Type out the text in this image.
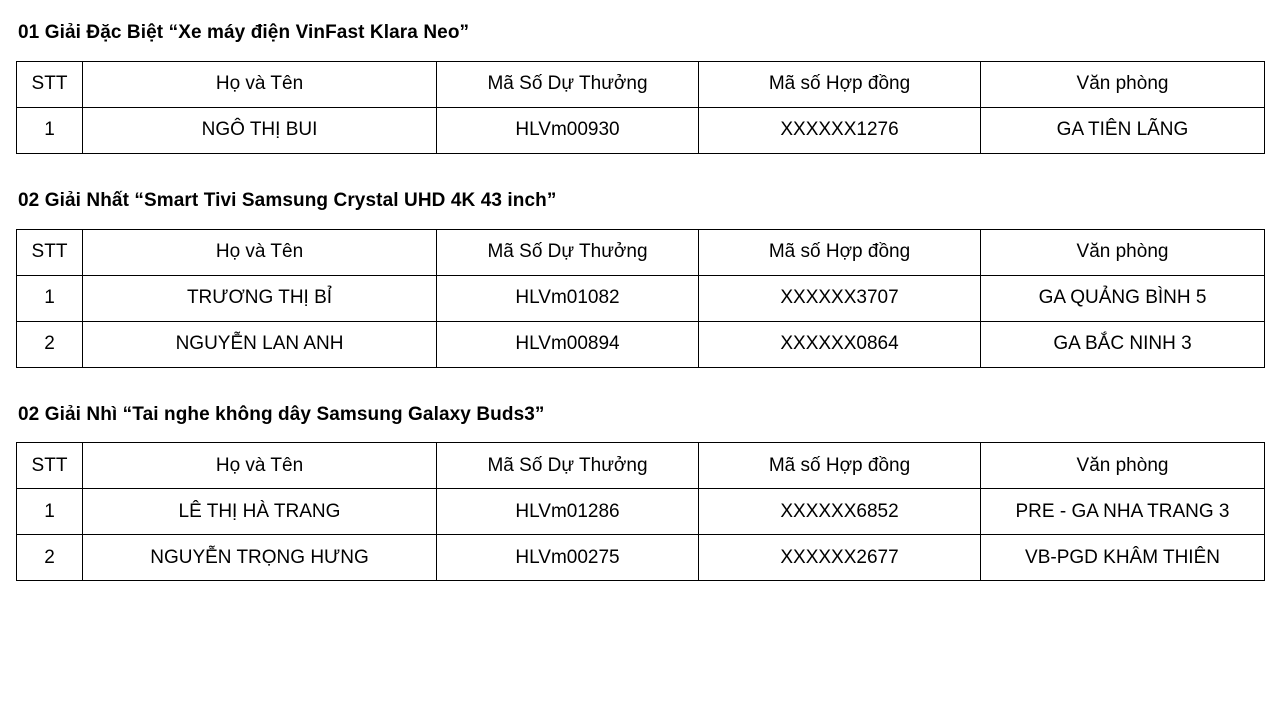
01 Giải Đặc Biệt “Xe máy điện VinFast Klara Neo”
STT	Họ và Tên	Mã Số Dự Thưởng	Mã số Hợp đồng	Văn phòng
1	NGÔ THỊ BUI	HLVm00930	XXXXXX1276	GA TIÊN LÃNG
02 Giải Nhất “Smart Tivi Samsung Crystal UHD 4K 43 inch”
STT	Họ và Tên	Mã Số Dự Thưởng	Mã số Hợp đồng	Văn phòng
1	TRƯƠNG THỊ BỈ	HLVm01082	XXXXXX3707	GA QUẢNG BÌNH 5
2	NGUYỄN LAN ANH	HLVm00894	XXXXXX0864	GA BẮC NINH 3
02 Giải Nhì “Tai nghe không dây Samsung Galaxy Buds3”
STT	Họ và Tên	Mã Số Dự Thưởng	Mã số Hợp đồng	Văn phòng
1	LÊ THỊ HÀ TRANG	HLVm01286	XXXXXX6852	PRE - GA NHA TRANG 3
2	NGUYỄN TRỌNG HƯNG	HLVm00275	XXXXXX2677	VB-PGD KHÂM THIÊN
